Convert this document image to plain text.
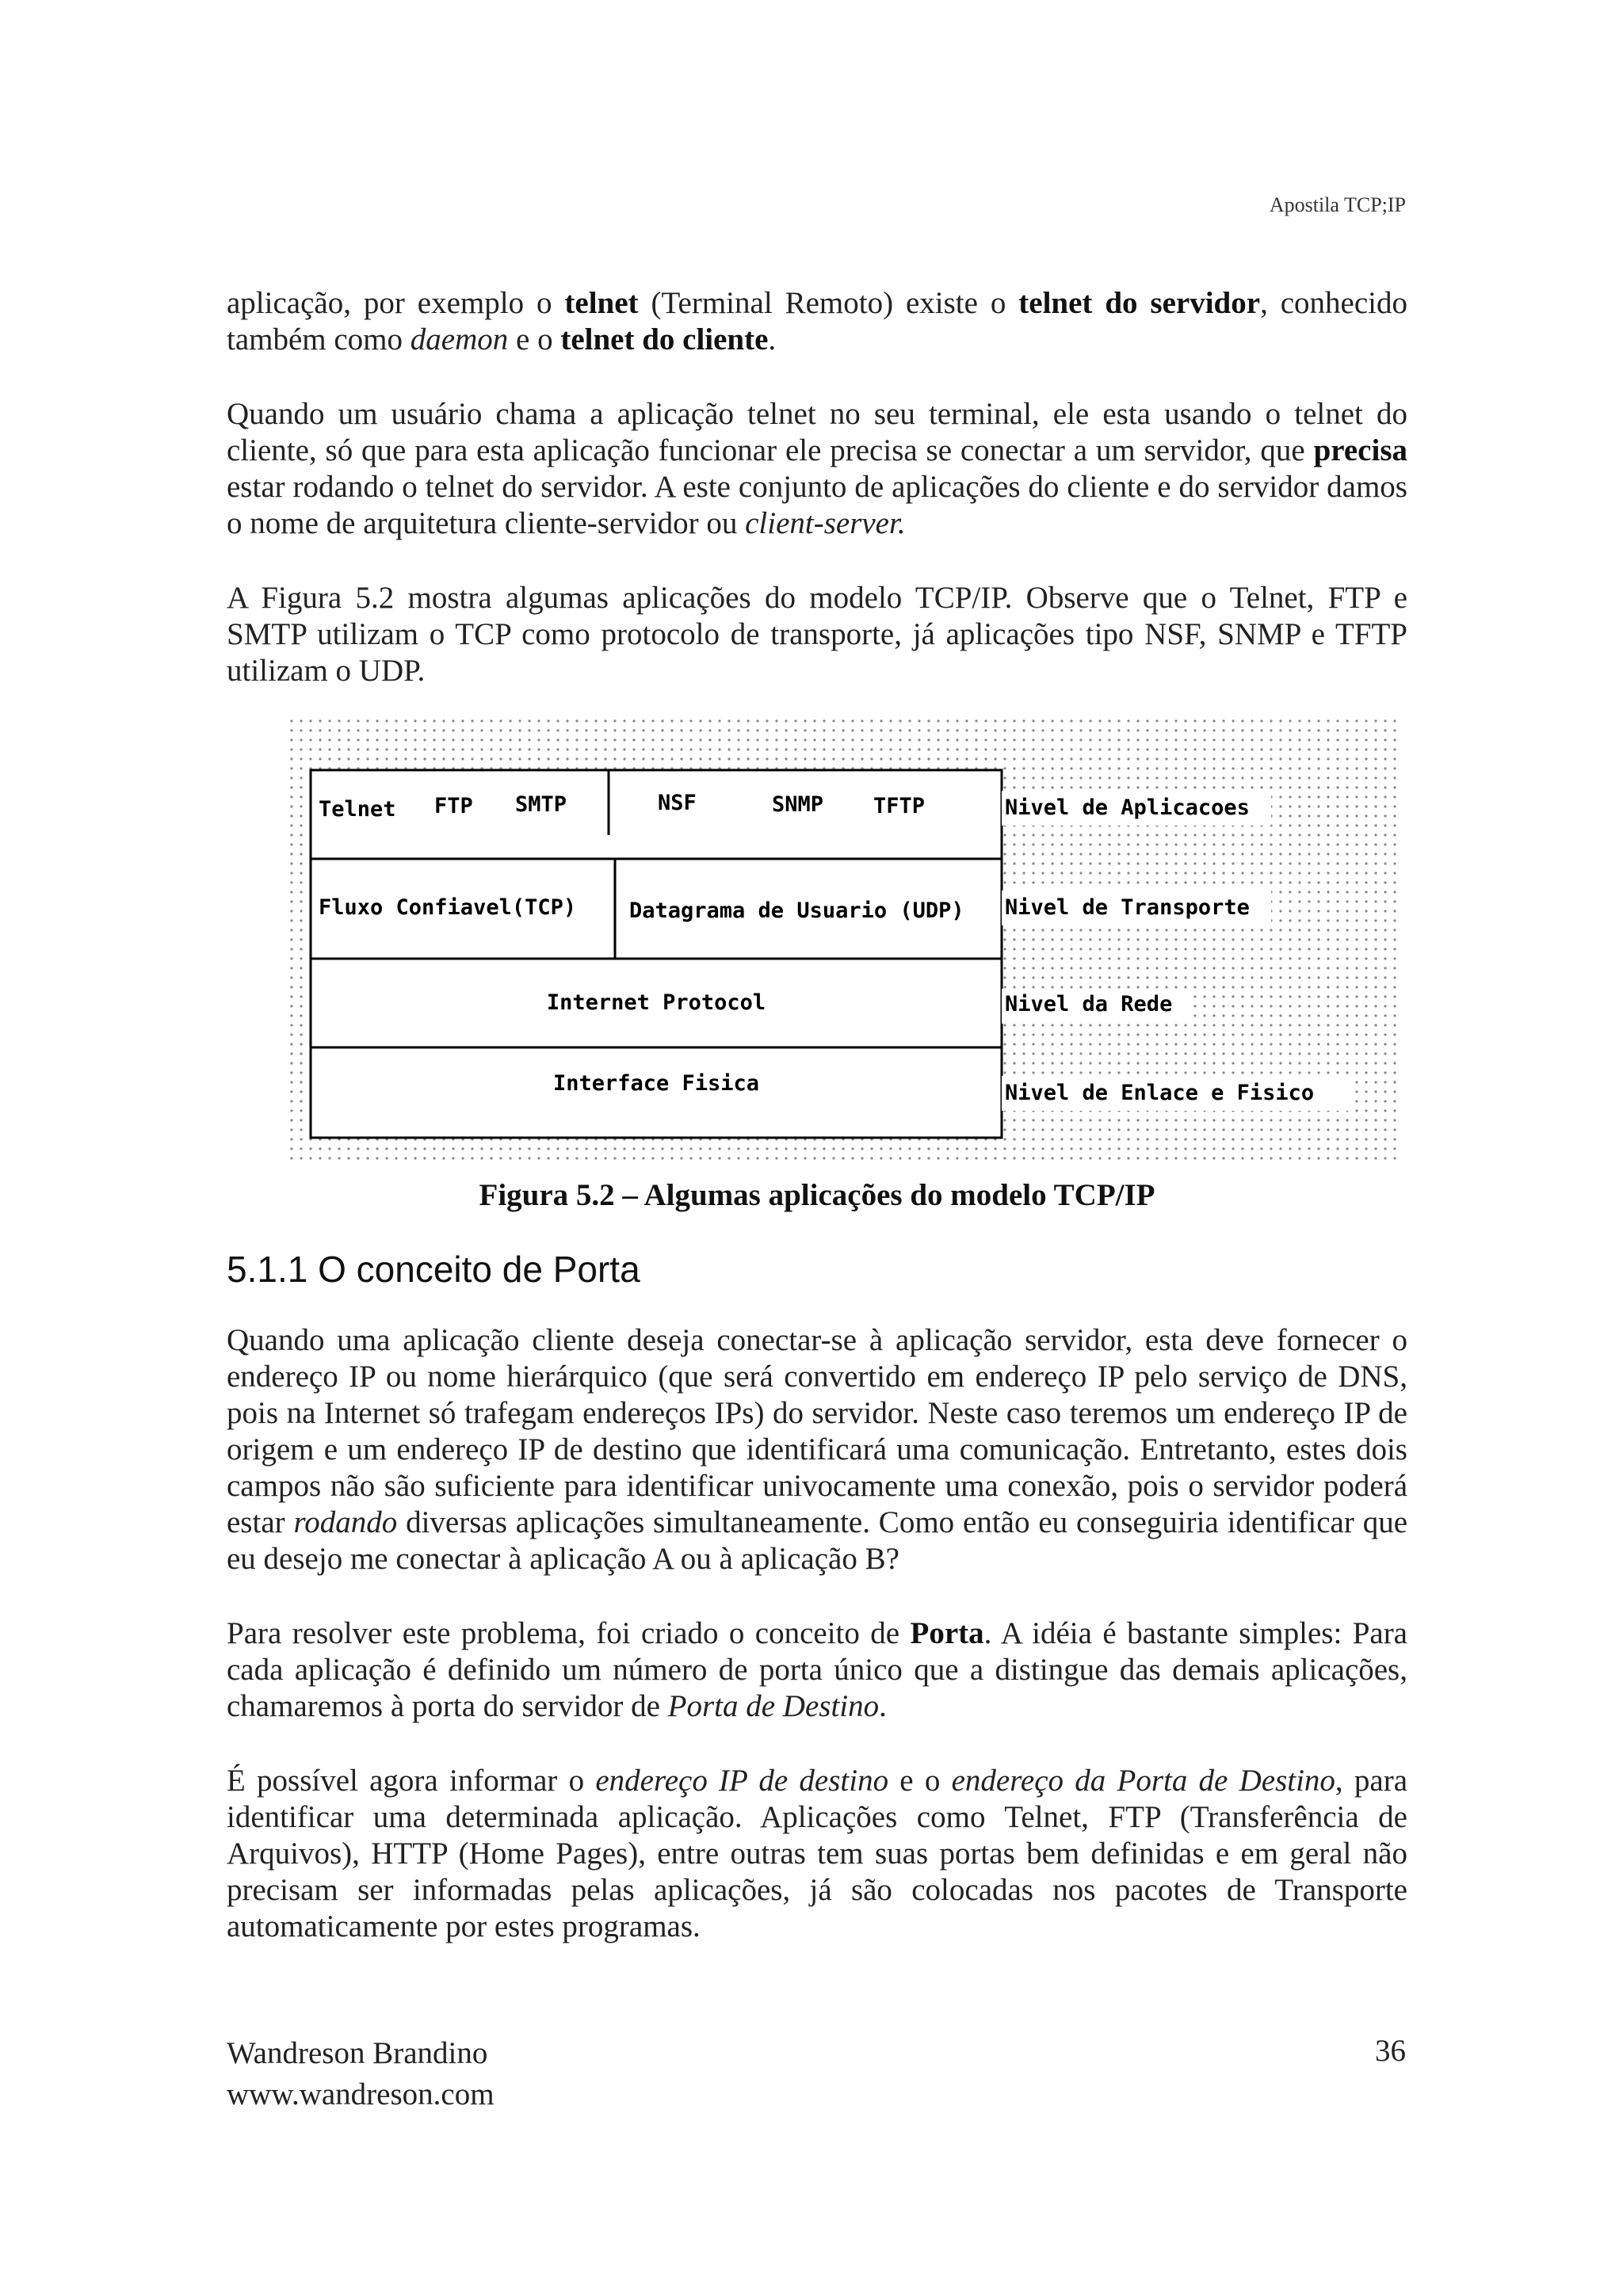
Apostila TCP;IP

aplicação, por exemplo o telnet (Terminal Remoto) existe o telnet do servidor, conhecido também como daemon e o telnet do cliente.

Quando um usuário chama a aplicação telnet no seu terminal, ele esta usando o telnet do cliente, só que para esta aplicação funcionar ele precisa se conectar a um servidor, que precisa estar rodando o telnet do servidor. A este conjunto de aplicações do cliente e do servidor damos o nome de arquitetura cliente-servidor ou client-server.

A Figura 5.2 mostra algumas aplicações do modelo TCP/IP. Observe que o Telnet, FTP e SMTP utilizam o TCP como protocolo de transporte, já aplicações tipo NSF, SNMP e TFTP utilizam o UDP.

Telnet FTP SMTP	NSF	SNMP TFTP
Fluxo Confiavel(TCP) Datagrama de Usuario (UDP)
Internet Protocol
Interface Fisica
Nivel de Aplicacoes
Nivel de Transporte
Nivel da Rede
Nivel de Enlace e Fisico
Figura 5.2 – Algumas aplicações do modelo TCP/IP
5.1.1 O conceito de Porta

Quando uma aplicação cliente deseja conectar-se à aplicação servidor, esta deve fornecer o endereço IP ou nome hierárquico (que será convertido em endereço IP pelo serviço de DNS, pois na Internet só trafegam endereços IPs) do servidor. Neste caso teremos um endereço IP de origem e um endereço IP de destino que identificará uma comunicação. Entretanto, estes dois campos não são suficiente para identificar univocamente uma conexão, pois o servidor poderá estar rodando diversas aplicações simultaneamente. Como então eu conseguiria identificar que eu desejo me conectar à aplicação A ou à aplicação B?

Para resolver este problema, foi criado o conceito de Porta. A idéia é bastante simples: Para cada aplicação é definido um número de porta único que a distingue das demais aplicações, chamaremos à porta do servidor de Porta de Destino.

É possível agora informar o endereço IP de destino e o endereço da Porta de Destino, para identificar uma determinada aplicação. Aplicações como Telnet, FTP (Transferência de Arquivos), HTTP (Home Pages), entre outras tem suas portas bem definidas e em geral não precisam ser informadas pelas aplicações, já são colocadas nos pacotes de Transporte automaticamente por estes programas.

Wandreson Brandino
www.wandreson.com
36
